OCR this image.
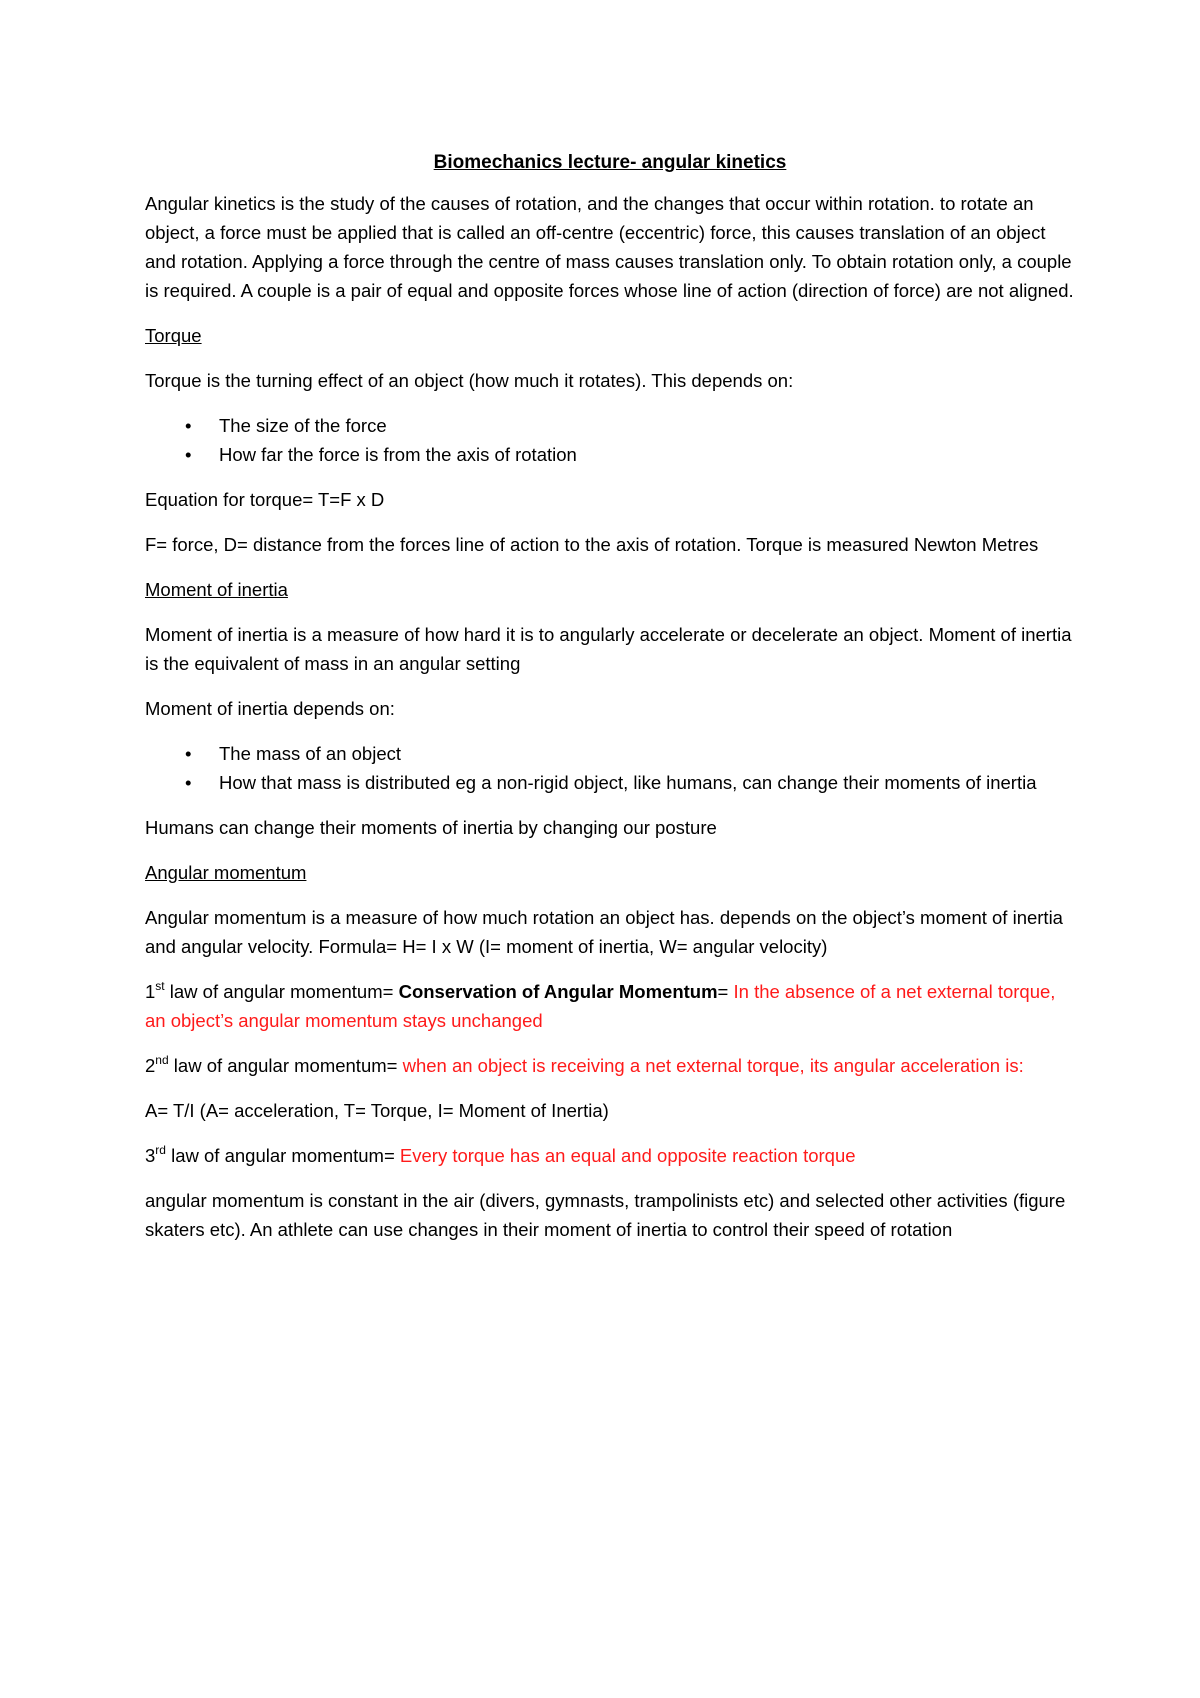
Biomechanics lecture- angular kinetics

Angular kinetics is the study of the causes of rotation, and the changes that occur within rotation. to rotate an object, a force must be applied that is called an off-centre (eccentric) force, this causes translation of an object and rotation. Applying a force through the centre of mass causes translation only. To obtain rotation only, a couple is required. A couple is a pair of equal and opposite forces whose line of action (direction of force) are not aligned.

Torque

Torque is the turning effect of an object (how much it rotates). This depends on:

• The size of the force
• How far the force is from the axis of rotation

Equation for torque= T=F x D

F= force, D= distance from the forces line of action to the axis of rotation. Torque is measured Newton Metres

Moment of inertia

Moment of inertia is a measure of how hard it is to angularly accelerate or decelerate an object. Moment of inertia is the equivalent of mass in an angular setting

Moment of inertia depends on:

• The mass of an object
• How that mass is distributed eg a non-rigid object, like humans, can change their moments of inertia

Humans can change their moments of inertia by changing our posture

Angular momentum

Angular momentum is a measure of how much rotation an object has. depends on the object’s moment of inertia and angular velocity. Formula= H= I x W (I= moment of inertia, W= angular velocity)

1st law of angular momentum= Conservation of Angular Momentum= In the absence of a net external torque, an object’s angular momentum stays unchanged

2nd law of angular momentum= when an object is receiving a net external torque, its angular acceleration is:

A= T/I (A= acceleration, T= Torque, I= Moment of Inertia)

3rd law of angular momentum= Every torque has an equal and opposite reaction torque

angular momentum is constant in the air (divers, gymnasts, trampolinists etc) and selected other activities (figure skaters etc). An athlete can use changes in their moment of inertia to control their speed of rotation
